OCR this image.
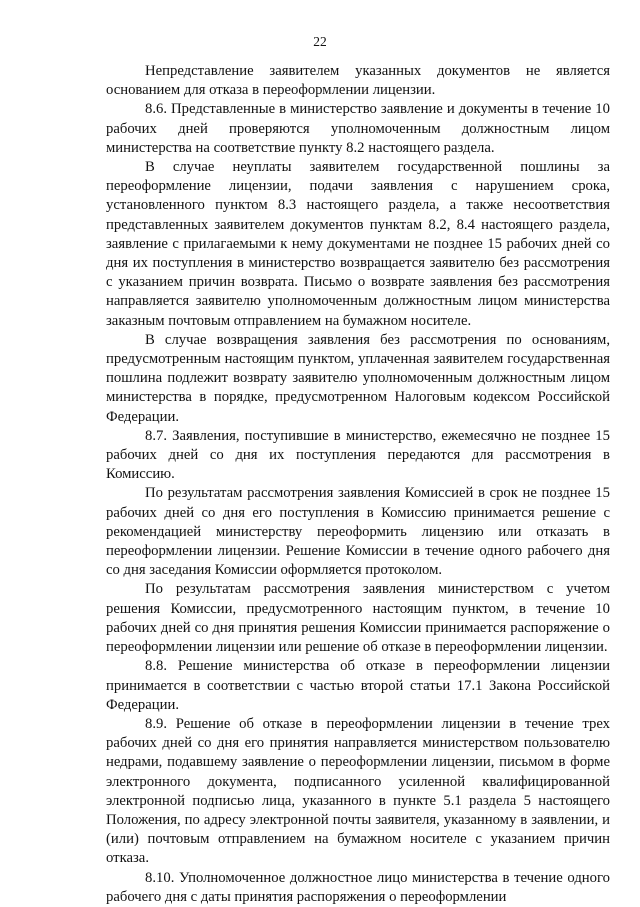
22

Непредставление заявителем указанных документов не является основанием для отказа в переоформлении лицензии.

8.6. Представленные в министерство заявление и документы в течение 10 рабочих дней проверяются уполномоченным должностным лицом министерства на соответствие пункту 8.2 настоящего раздела.

В случае неуплаты заявителем государственной пошлины за переоформление лицензии, подачи заявления с нарушением срока, установленного пунктом 8.3 настоящего раздела, а также несоответствия представленных заявителем документов пунктам 8.2, 8.4 настоящего раздела, заявление с прилагаемыми к нему документами не позднее 15 рабочих дней со дня их поступления в министерство возвращается заявителю без рассмотрения с указанием причин возврата. Письмо о возврате заявления без рассмотрения направляется заявителю уполномоченным должностным лицом министерства заказным почтовым отправлением на бумажном носителе.

В случае возвращения заявления без рассмотрения по основаниям, предусмотренным настоящим пунктом, уплаченная заявителем государственная пошлина подлежит возврату заявителю уполномоченным должностным лицом министерства в порядке, предусмотренном Налоговым кодексом Российской Федерации.

8.7. Заявления, поступившие в министерство, ежемесячно не позднее 15 рабочих дней со дня их поступления передаются для рассмотрения в Комиссию.

По результатам рассмотрения заявления Комиссией в срок не позднее 15 рабочих дней со дня его поступления в Комиссию принимается решение с рекомендацией министерству переоформить лицензию или отказать в переоформлении лицензии. Решение Комиссии в течение одного рабочего дня со дня заседания Комиссии оформляется протоколом.

По результатам рассмотрения заявления министерством с учетом решения Комиссии, предусмотренного настоящим пунктом, в течение 10 рабочих дней со дня принятия решения Комиссии принимается распоряжение о переоформлении лицензии или решение об отказе в переоформлении лицензии.

8.8. Решение министерства об отказе в переоформлении лицензии принимается в соответствии с частью второй статьи 17.1 Закона Российской Федерации.

8.9. Решение об отказе в переоформлении лицензии в течение трех рабочих дней со дня его принятия направляется министерством пользователю недрами, подавшему заявление о переоформлении лицензии, письмом в форме электронного документа, подписанного усиленной квалифицированной электронной подписью лица, указанного в пункте 5.1 раздела 5 настоящего Положения, по адресу электронной почты заявителя, указанному в заявлении, и (или) почтовым отправлением на бумажном носителе с указанием причин отказа.

8.10. Уполномоченное должностное лицо министерства в течение одного рабочего дня с даты принятия распоряжения о переоформлении
